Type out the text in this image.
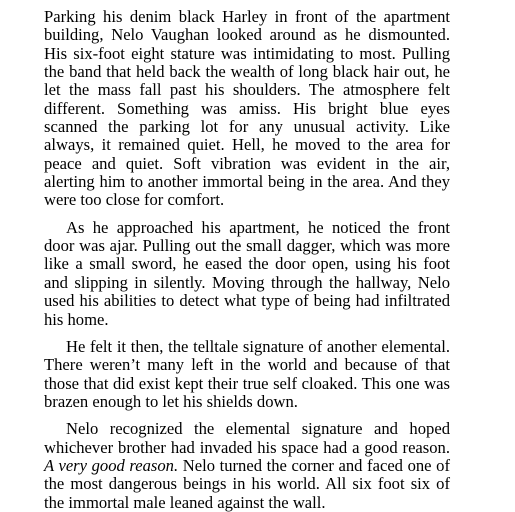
Parking his denim black Harley in front of the apartment building, Nelo Vaughan looked around as he dismounted. His six-foot eight stature was intimidating to most. Pulling the band that held back the wealth of long black hair out, he let the mass fall past his shoulders. The atmosphere felt different. Something was amiss. His bright blue eyes scanned the parking lot for any unusual activity. Like always, it remained quiet. Hell, he moved to the area for peace and quiet. Soft vibration was evident in the air, alerting him to another immortal being in the area. And they were too close for comfort.

As he approached his apartment, he noticed the front door was ajar. Pulling out the small dagger, which was more like a small sword, he eased the door open, using his foot and slipping in silently. Moving through the hallway, Nelo used his abilities to detect what type of being had infiltrated his home.

He felt it then, the telltale signature of another elemental. There weren’t many left in the world and because of that those that did exist kept their true self cloaked. This one was brazen enough to let his shields down.

Nelo recognized the elemental signature and hoped whichever brother had invaded his space had a good reason. A very good reason. Nelo turned the corner and faced one of the most dangerous beings in his world. All six foot six of the immortal male leaned against the wall.
